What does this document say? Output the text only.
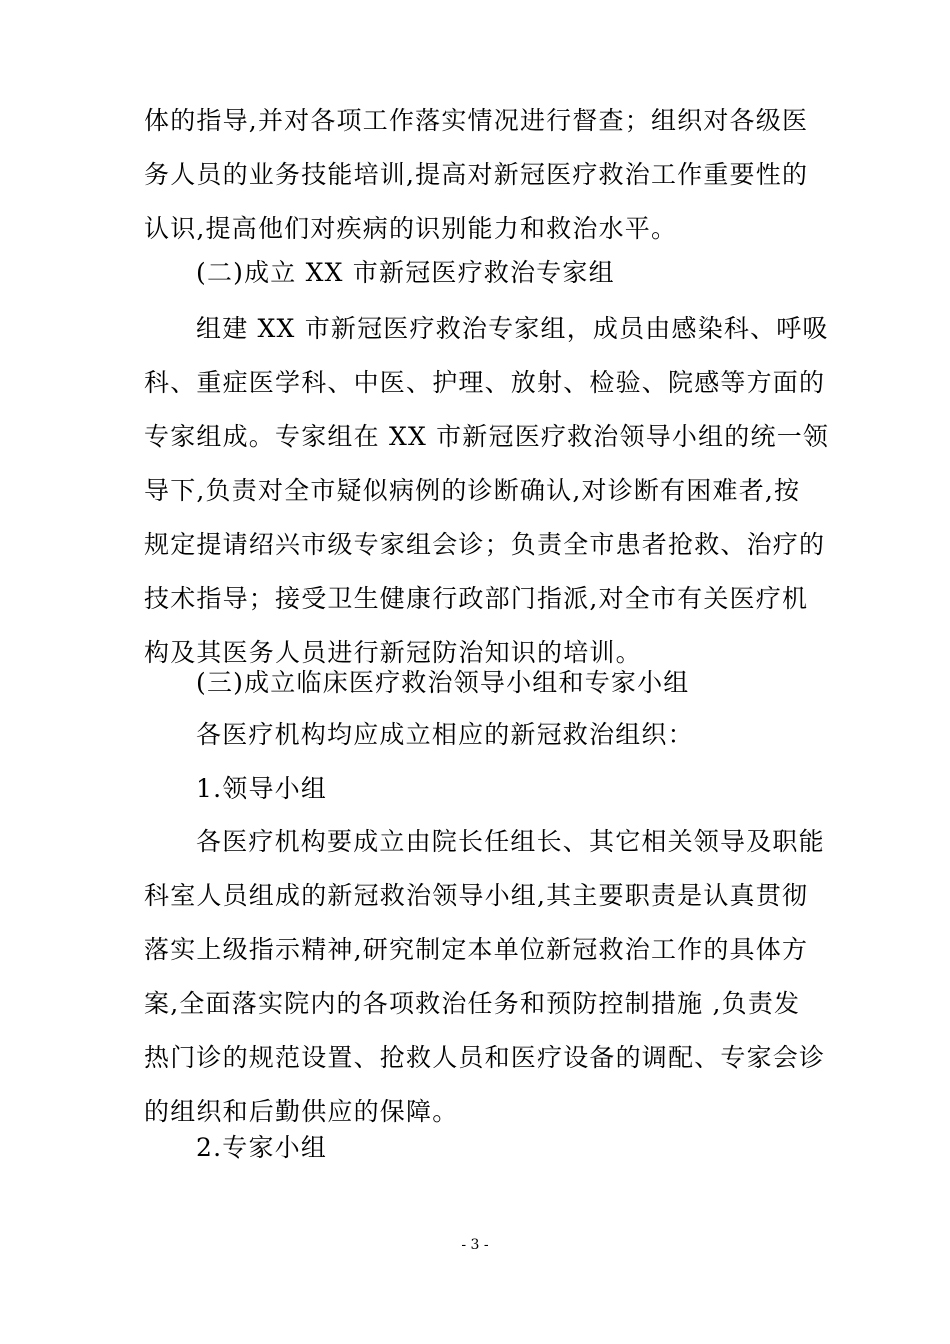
体的指导,并对各项工作落实情况进行督查；组织对各级医
务人员的业务技能培训,提高对新冠医疗救治工作重要性的
认识,提高他们对疾病的识别能力和救治水平。
(二)成立 XX 市新冠医疗救治专家组
组建 XX 市新冠医疗救治专家组，成员由感染科、呼吸
科、重症医学科、中医、护理、放射、检验、院感等方面的
专家组成。专家组在 XX 市新冠医疗救治领导小组的统一领
导下,负责对全市疑似病例的诊断确认,对诊断有困难者,按
规定提请绍兴市级专家组会诊；负责全市患者抢救、治疗的
技术指导；接受卫生健康行政部门指派,对全市有关医疗机
构及其医务人员进行新冠防治知识的培训。
(三)成立临床医疗救治领导小组和专家小组
各医疗机构均应成立相应的新冠救治组织：
1.领导小组
各医疗机构要成立由院长任组长、其它相关领导及职能
科室人员组成的新冠救治领导小组,其主要职责是认真贯彻
落实上级指示精神,研究制定本单位新冠救治工作的具体方
案,全面落实院内的各项救治任务和预防控制措施 ,负责发
热门诊的规范设置、抢救人员和医疗设备的调配、专家会诊
的组织和后勤供应的保障。
2.专家小组
- 3 -
